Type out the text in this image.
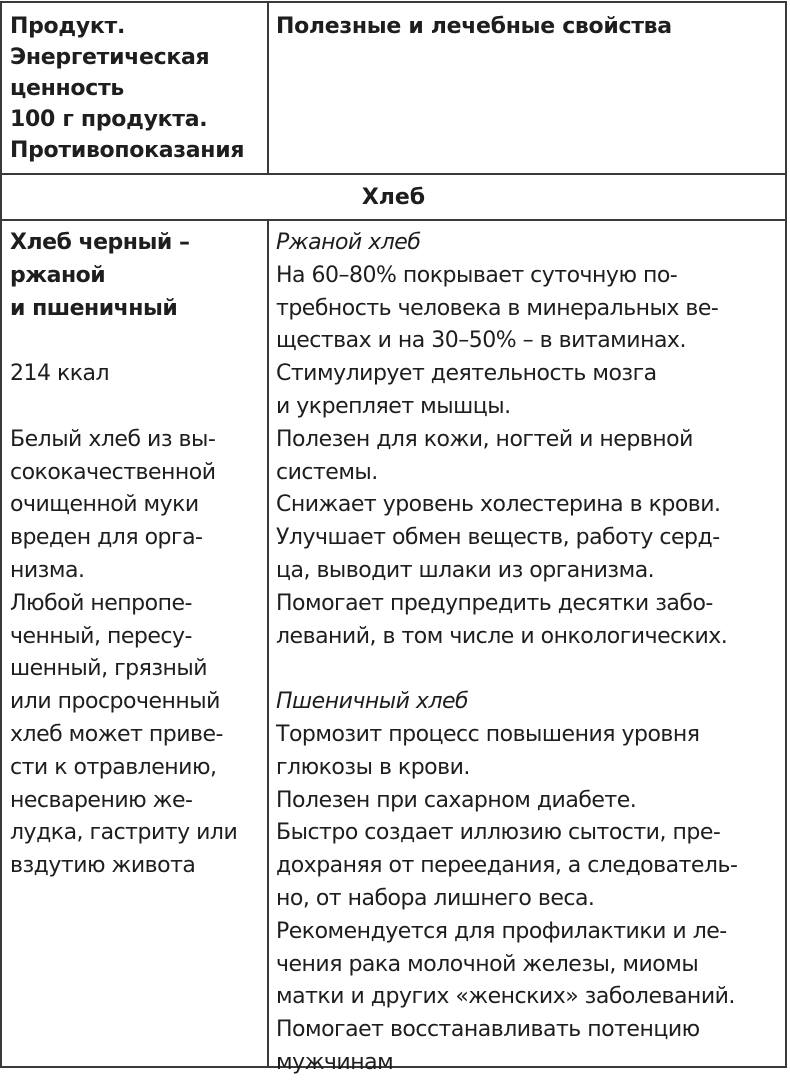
Продукт.
Энергетическая
ценность
100 г продукта.
Противопоказания
Полезные и лечебные свойства
Хлеб
Хлеб черный –
ржаной
и пшеничный
214 ккал
Белый хлеб из вы-
сококачественной
очищенной муки
вреден для орга-
низма.
Любой непропе-
ченный, пересу-
шенный, грязный
или просроченный
хлеб может приве-
сти к отравлению,
несварению же-
лудка, гастриту или
вздутию живота
Ржаной хлеб
На 60–80% покрывает суточную по-
требность человека в минеральных ве-
ществах и на 30–50% – в витаминах.
Стимулирует деятельность мозга
и укрепляет мышцы.
Полезен для кожи, ногтей и нервной
системы.
Снижает уровень холестерина в крови.
Улучшает обмен веществ, работу серд-
ца, выводит шлаки из организма.
Помогает предупредить десятки забо-
леваний, в том числе и онкологических.
Пшеничный хлеб
Тормозит процесс повышения уровня
глюкозы в крови.
Полезен при сахарном диабете.
Быстро создает иллюзию сытости, пре-
дохраняя от переедания, а следователь-
но, от набора лишнего веса.
Рекомендуется для профилактики и ле-
чения рака молочной железы, миомы
матки и других «женских» заболеваний.
Помогает восстанавливать потенцию
мужчинам
